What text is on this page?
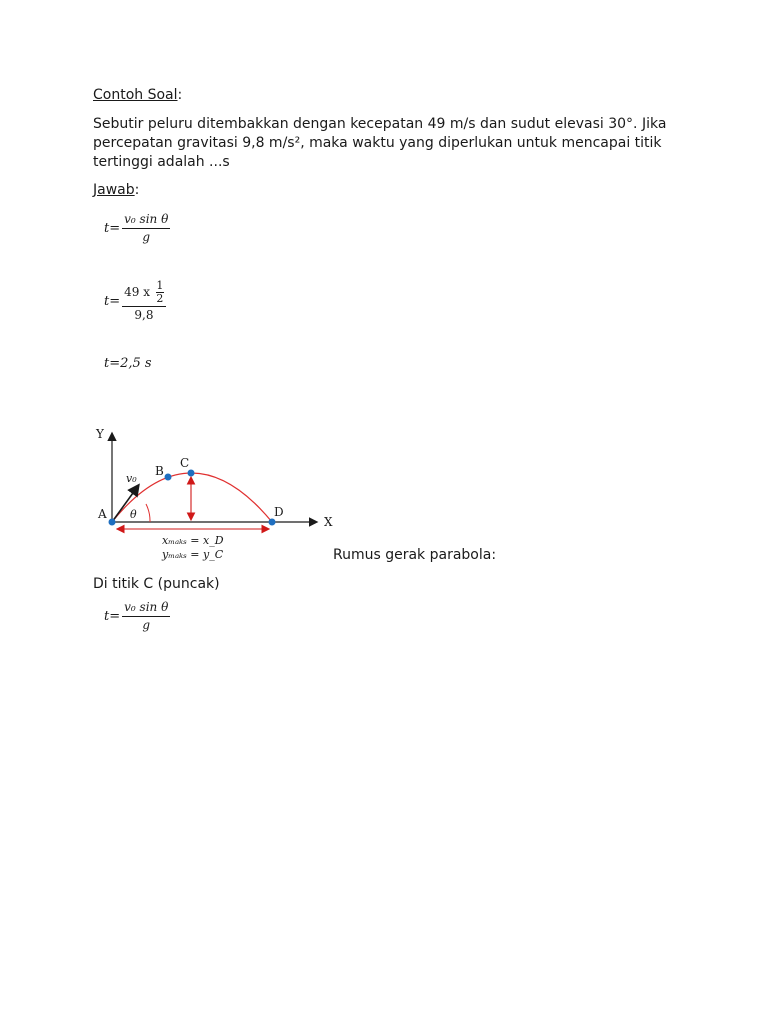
Contoh Soal:
Sebutir peluru ditembakkan dengan kecepatan 49 m/s dan sudut elevasi 30°. Jika
percepatan gravitasi 9,8 m/s², maka waktu yang diperlukan untuk mencapai titik
tertinggi adalah ...s
Jawab:
$t= \frac{\text{v₀ sin θ}}{g}$
$t= \frac{49 x \frac{1}{2}}{9,8}$
t=2,5 s
Y
X
v₀
θ
A
B
C
D
xₘₐₖₛ = x_D
yₘₐₖₛ = y_C	Rumus gerak parabola:
Di titik C (puncak)
$t= \frac{\text{v₀ sin θ}}{g}$
